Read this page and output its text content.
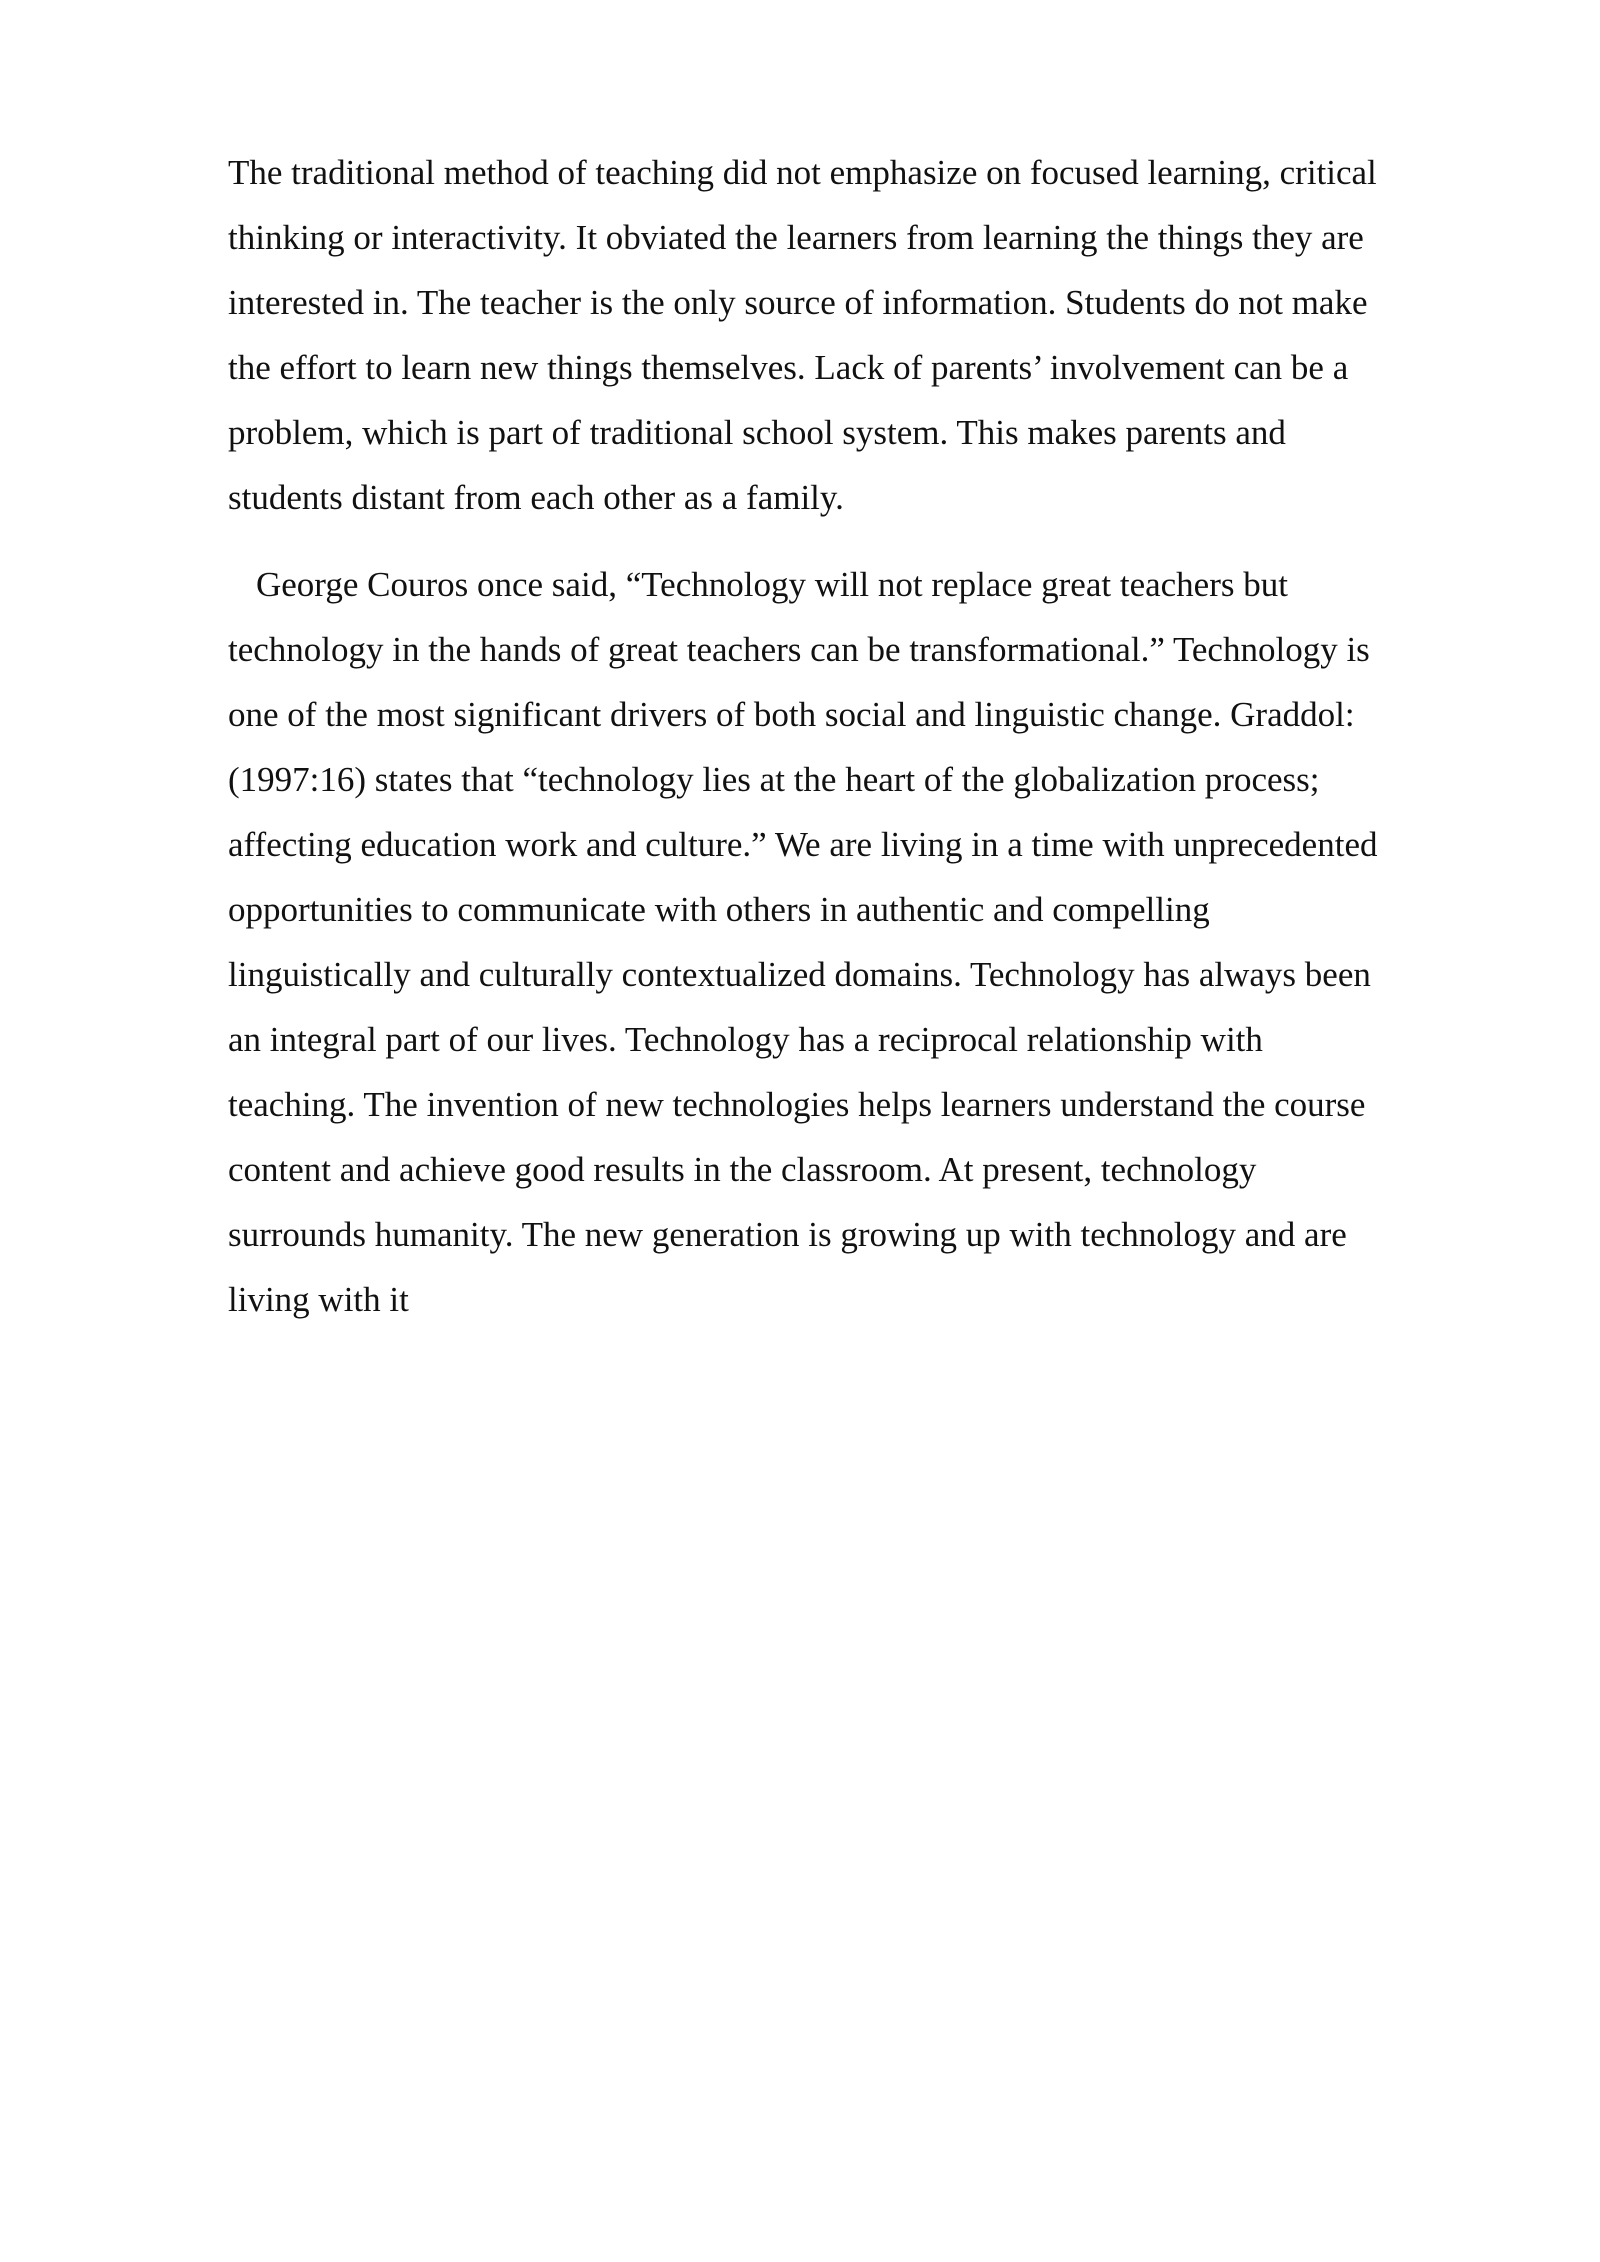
The traditional method of teaching did not emphasize on focused learning, critical
thinking or interactivity. It obviated the learners from learning the things they are
interested in. The teacher is the only source of information. Students do not make
the effort to learn new things themselves. Lack of parents’ involvement can be a
problem, which is part of traditional school system. This makes parents and
students distant from each other as a family.

George Couros once said, “Technology will not replace great teachers but
technology in the hands of great teachers can be transformational.” Technology is
one of the most significant drivers of both social and linguistic change. Graddol:
(1997:16) states that “technology lies at the heart of the globalization process;
affecting education work and culture.” We are living in a time with unprecedented
opportunities to communicate with others in authentic and compelling
linguistically and culturally contextualized domains. Technology has always been
an integral part of our lives. Technology has a reciprocal relationship with
teaching. The invention of new technologies helps learners understand the course
content and achieve good results in the classroom. At present, technology
surrounds humanity. The new generation is growing up with technology and are
living with it
